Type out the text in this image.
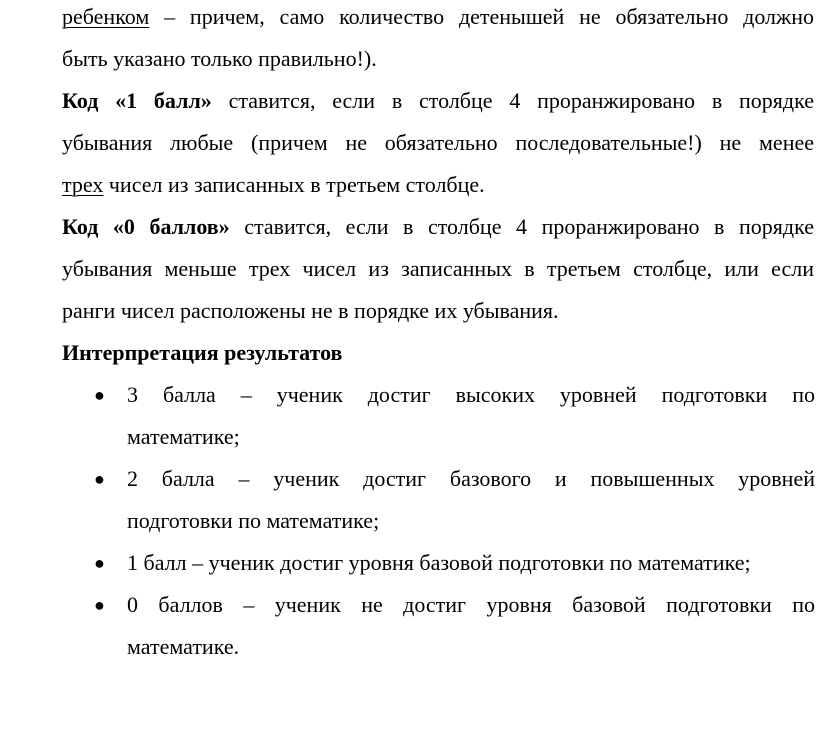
ребенком – причем, само количество детенышей не обязательно должно
быть указано только правильно!).
Код «1 балл» ставится, если в столбце 4 проранжировано в порядке
убывания любые (причем не обязательно последовательные!) не менее
трех чисел из записанных в третьем столбце.
Код «0 баллов» ставится, если в столбце 4 проранжировано в порядке
убывания меньше трех чисел из записанных в третьем столбце, или если
ранги чисел расположены не в порядке их убывания.
Интерпретация результатов
● 3 балла – ученик достиг высоких уровней подготовки по
математике;
● 2 балла – ученик достиг базового и повышенных уровней
подготовки по математике;
● 1 балл – ученик достиг уровня базовой подготовки по математике;
● 0 баллов – ученик не достиг уровня базовой подготовки по
математике.
